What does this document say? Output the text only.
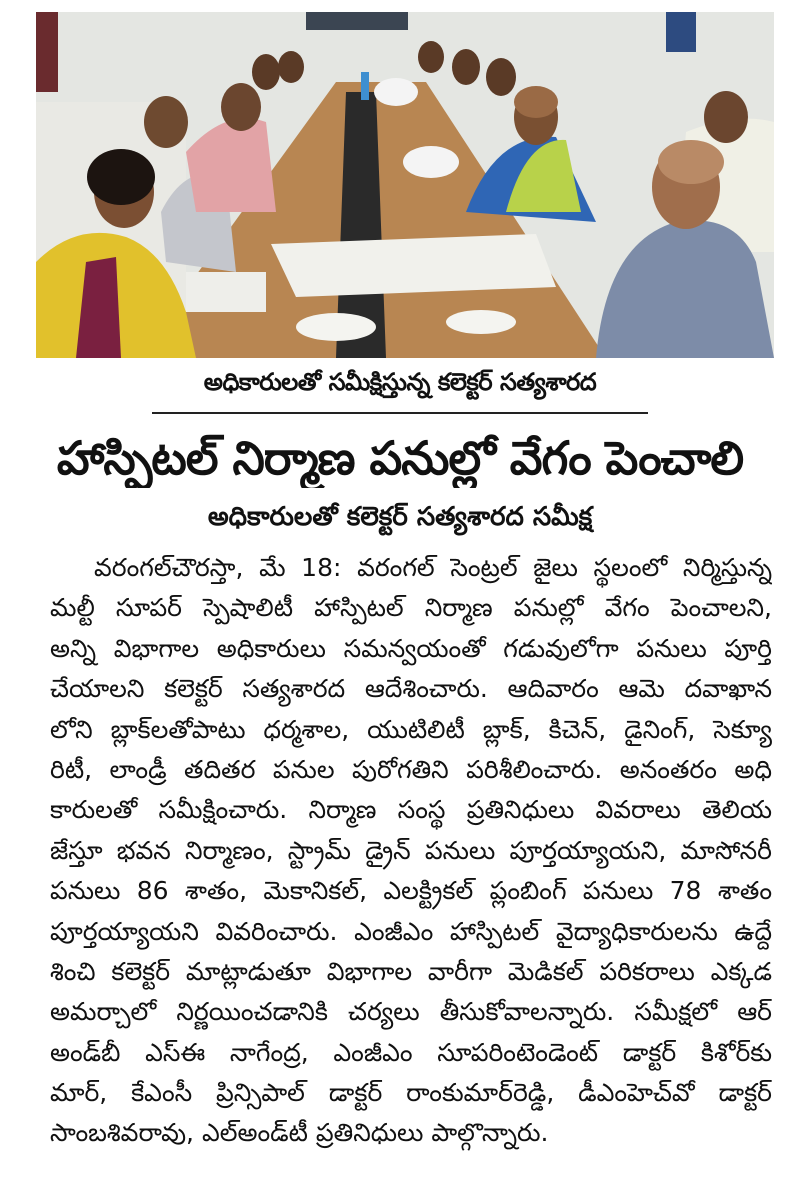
అధికారులతో సమీక్షిస్తున్న కలెక్టర్ సత్యశారద
హాస్పిటల్ నిర్మాణ పనుల్లో వేగం పెంచాలి
అధికారులతో కలెక్టర్ సత్యశారద సమీక్ష
వరంగల్‌చౌరస్తా, మే 18: వరంగల్ సెంట్రల్ జైలు స్థలంలో నిర్మిస్తున్న
మల్టీ సూపర్ స్పెషాలిటీ హాస్పిటల్ నిర్మాణ పనుల్లో వేగం పెంచాలని,
అన్ని విభాగాల అధికారులు సమన్వయంతో గడువులోగా పనులు పూర్తి
చేయాలని కలెక్టర్ సత్యశారద ఆదేశించారు. ఆదివారం ఆమె దవాఖాన
లోని బ్లాక్‌లతోపాటు ధర్మశాల, యుటిలిటీ బ్లాక్, కిచెన్, డైనింగ్, సెక్యూ
రిటీ, లాండ్రీ తదితర పనుల పురోగతిని పరిశీలించారు. అనంతరం అధి
కారులతో సమీక్షించారు. నిర్మాణ సంస్థ ప్రతినిధులు వివరాలు తెలియ
జేస్తూ భవన నిర్మాణం, స్ట్రామ్ డ్రైన్ పనులు పూర్తయ్యాయని, మాసోనరీ
పనులు 86 శాతం, మెకానికల్, ఎలక్ట్రికల్ ప్లంబింగ్ పనులు 78 శాతం
పూర్తయ్యాయని వివరించారు. ఎంజీఎం హాస్పిటల్ వైద్యాధికారులను ఉద్దే
శించి కలెక్టర్ మాట్లాడుతూ విభాగాల వారీగా మెడికల్ పరికరాలు ఎక్కడ
అమర్చాలో నిర్ణయించడానికి చర్యలు తీసుకోవాలన్నారు. సమీక్షలో ఆర్
అండ్‌బీ ఎస్ఈ నాగేంద్ర, ఎంజీఎం సూపరింటెండెంట్ డాక్టర్ కిశోర్‌కు
మార్, కేఎంసీ ప్రిన్సిపాల్ డాక్టర్ రాంకుమార్‌రెడ్డి, డీఎంహెచ్‌వో డాక్టర్
సాంబశివరావు, ఎల్‌అండ్‌టీ ప్రతినిధులు పాల్గొన్నారు.
